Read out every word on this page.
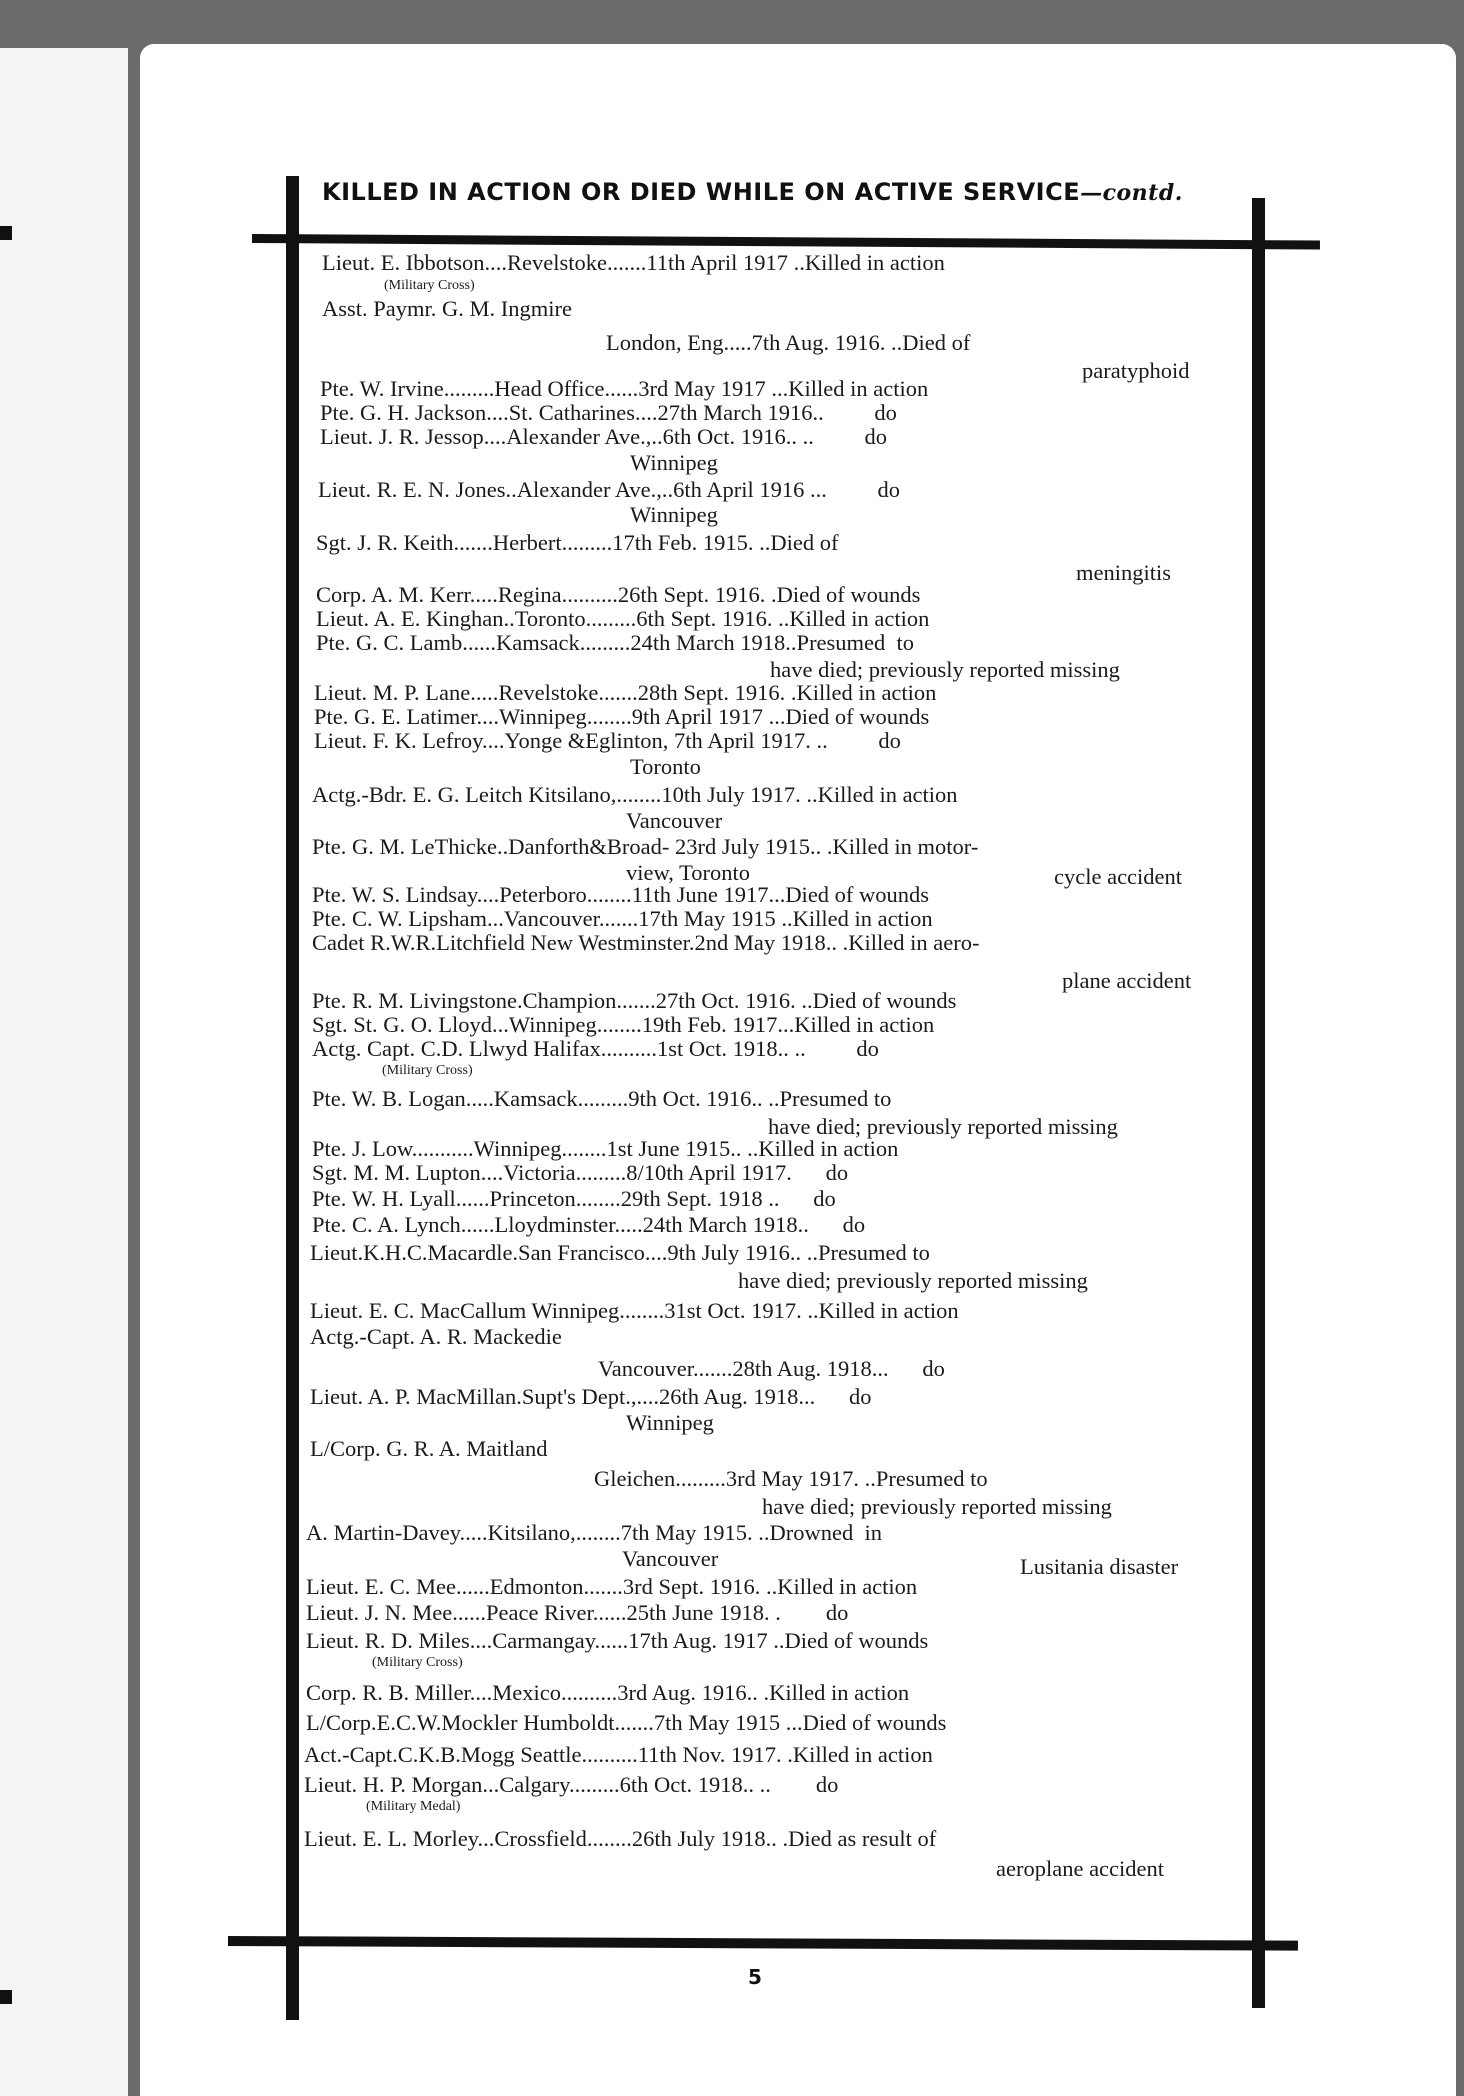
KILLED IN ACTION OR DIED WHILE ON ACTIVE SERVICE—contd.
Lieut. E. Ibbotson....Revelstoke.......11th April 1917 ..Killed in action
(Military Cross)
Asst. Paymr. G. M. Ingmire
London, Eng.....7th Aug. 1916. ..Died of
paratyphoid
Pte. W. Irvine.........Head Office......3rd May 1917 ...Killed in action
Pte. G. H. Jackson....St. Catharines....27th March 1916..         do
Lieut. J. R. Jessop....Alexander Ave.,..6th Oct. 1916.. ..         do
Winnipeg
Lieut. R. E. N. Jones..Alexander Ave.,..6th April 1916 ...         do
Winnipeg
Sgt. J. R. Keith.......Herbert.........17th Feb. 1915. ..Died of
meningitis
Corp. A. M. Kerr.....Regina..........26th Sept. 1916. .Died of wounds
Lieut. A. E. Kinghan..Toronto.........6th Sept. 1916. ..Killed in action
Pte. G. C. Lamb......Kamsack.........24th March 1918..Presumed  to
have died; previously reported missing
Lieut. M. P. Lane.....Revelstoke.......28th Sept. 1916. .Killed in action
Pte. G. E. Latimer....Winnipeg........9th April 1917 ...Died of wounds
Lieut. F. K. Lefroy....Yonge &Eglinton, 7th April 1917. ..         do
Toronto
Actg.-Bdr. E. G. Leitch Kitsilano,........10th July 1917. ..Killed in action
Vancouver
Pte. G. M. LeThicke..Danforth&Broad- 23rd July 1915.. .Killed in motor-
view, Toronto	cycle accident
Pte. W. S. Lindsay....Peterboro........11th June 1917...Died of wounds
Pte. C. W. Lipsham...Vancouver.......17th May 1915 ..Killed in action
Cadet R.W.R.Litchfield New Westminster.2nd May 1918.. .Killed in aero-
plane accident
Pte. R. M. Livingstone.Champion.......27th Oct. 1916. ..Died of wounds
Sgt. St. G. O. Lloyd...Winnipeg........19th Feb. 1917...Killed in action
Actg. Capt. C.D. Llwyd Halifax..........1st Oct. 1918.. ..         do
(Military Cross)
Pte. W. B. Logan.....Kamsack.........9th Oct. 1916.. ..Presumed to
have died; previously reported missing
Pte. J. Low...........Winnipeg........1st June 1915.. ..Killed in action
Sgt. M. M. Lupton....Victoria.........8/10th April 1917.      do
Pte. W. H. Lyall......Princeton........29th Sept. 1918 ..      do
Pte. C. A. Lynch......Lloydminster.....24th March 1918..      do
Lieut.K.H.C.Macardle.San Francisco....9th July 1916.. ..Presumed to
have died; previously reported missing
Lieut. E. C. MacCallum Winnipeg........31st Oct. 1917. ..Killed in action
Actg.-Capt. A. R. Mackedie
Vancouver.......28th Aug. 1918...      do
Lieut. A. P. MacMillan.Supt's Dept.,....26th Aug. 1918...      do
Winnipeg
L/Corp. G. R. A. Maitland
Gleichen.........3rd May 1917. ..Presumed to
have died; previously reported missing
A. Martin-Davey.....Kitsilano,........7th May 1915. ..Drowned  in
Vancouver	Lusitania disaster
Lieut. E. C. Mee......Edmonton.......3rd Sept. 1916. ..Killed in action
Lieut. J. N. Mee......Peace River......25th June 1918. .        do
Lieut. R. D. Miles....Carmangay......17th Aug. 1917 ..Died of wounds
(Military Cross)
Corp. R. B. Miller....Mexico..........3rd Aug. 1916.. .Killed in action
L/Corp.E.C.W.Mockler Humboldt.......7th May 1915 ...Died of wounds
Act.-Capt.C.K.B.Mogg Seattle..........11th Nov. 1917. .Killed in action
Lieut. H. P. Morgan...Calgary.........6th Oct. 1918.. ..        do
(Military Medal)
Lieut. E. L. Morley...Crossfield........26th July 1918.. .Died as result of
aeroplane accident
5
